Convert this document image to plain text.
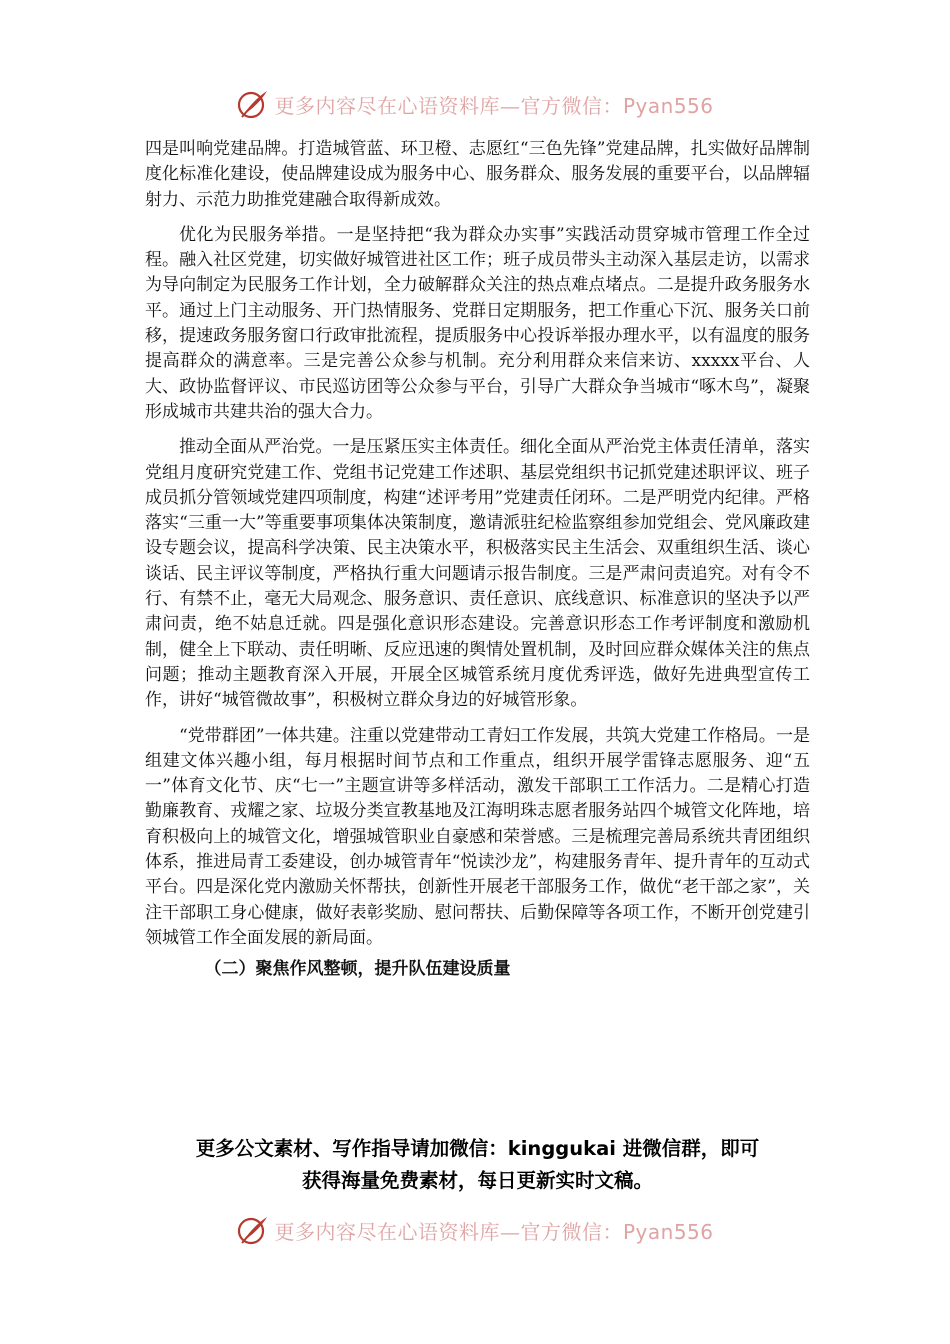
更多内容尽在心语资料库—官方微信：Pyan556

四是叫响党建品牌。打造城管蓝、环卫橙、志愿红“三色先锋”党建品牌，扎实做好品牌制度化标准化建设，使品牌建设成为服务中心、服务群众、服务发展的重要平台，以品牌辐射力、示范力助推党建融合取得新成效。

优化为民服务举措。一是坚持把“我为群众办实事”实践活动贯穿城市管理工作全过程。融入社区党建，切实做好城管进社区工作；班子成员带头主动深入基层走访，以需求为导向制定为民服务工作计划，全力破解群众关注的热点难点堵点。二是提升政务服务水平。通过上门主动服务、开门热情服务、党群日定期服务，把工作重心下沉、服务关口前移，提速政务服务窗口行政审批流程，提质服务中心投诉举报办理水平，以有温度的服务提高群众的满意率。三是完善公众参与机制。充分利用群众来信来访、xxxxx平台、人大、政协监督评议、市民巡访团等公众参与平台，引导广大群众争当城市“啄木鸟”，凝聚形成城市共建共治的强大合力。

推动全面从严治党。一是压紧压实主体责任。细化全面从严治党主体责任清单，落实党组月度研究党建工作、党组书记党建工作述职、基层党组织书记抓党建述职评议、班子成员抓分管领域党建四项制度，构建“述评考用”党建责任闭环。二是严明党内纪律。严格落实“三重一大”等重要事项集体决策制度，邀请派驻纪检监察组参加党组会、党风廉政建设专题会议，提高科学决策、民主决策水平，积极落实民主生活会、双重组织生活、谈心谈话、民主评议等制度，严格执行重大问题请示报告制度。三是严肃问责追究。对有令不行、有禁不止，毫无大局观念、服务意识、责任意识、底线意识、标准意识的坚决予以严肃问责，绝不姑息迁就。四是强化意识形态建设。完善意识形态工作考评制度和激励机制，健全上下联动、责任明晰、反应迅速的舆情处置机制，及时回应群众媒体关注的焦点问题；推动主题教育深入开展，开展全区城管系统月度优秀评选，做好先进典型宣传工作，讲好“城管微故事”，积极树立群众身边的好城管形象。

“党带群团”一体共建。注重以党建带动工青妇工作发展，共筑大党建工作格局。一是组建文体兴趣小组，每月根据时间节点和工作重点，组织开展学雷锋志愿服务、迎“五一”体育文化节、庆“七一”主题宣讲等多样活动，激发干部职工工作活力。二是精心打造勤廉教育、戎耀之家、垃圾分类宣教基地及江海明珠志愿者服务站四个城管文化阵地，培育积极向上的城管文化，增强城管职业自豪感和荣誉感。三是梳理完善局系统共青团组织体系，推进局青工委建设，创办城管青年“悦读沙龙”，构建服务青年、提升青年的互动式平台。四是深化党内激励关怀帮扶，创新性开展老干部服务工作，做优“老干部之家”，关注干部职工身心健康，做好表彰奖励、慰问帮扶、后勤保障等各项工作，不断开创党建引领城管工作全面发展的新局面。

（二）聚焦作风整顿，提升队伍建设质量

更多公文素材、写作指导请加微信：kinggukai 进微信群，即可
获得海量免费素材，每日更新实时文稿。
更多内容尽在心语资料库—官方微信：Pyan556
